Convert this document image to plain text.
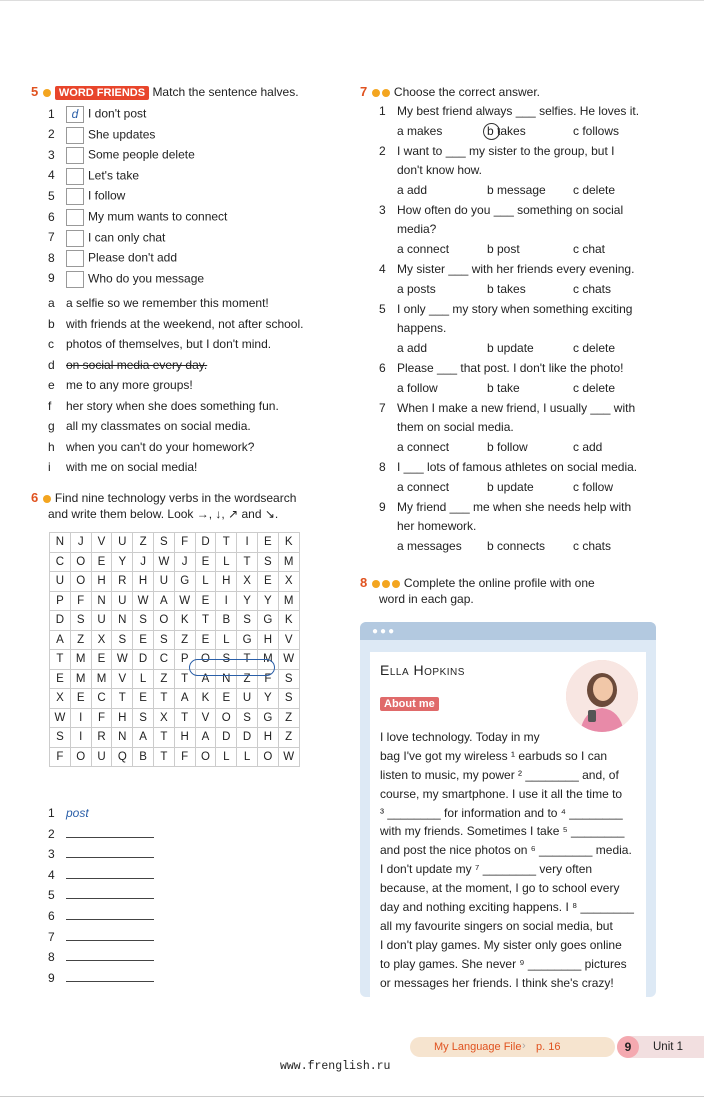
8	Complete the online profile with one
word in each gap.
●●●
Ella Hopkins
About me
I love technology. Today in my
bag I've got my wireless ¹ earbuds so I can
listen to music, my power ² ________ and, of
course, my smartphone. I use it all the time to
³ ________ for information and to ⁴ ________
with my friends. Sometimes I take ⁵ ________
and post the nice photos on ⁶ ________ media.
I don't update my ⁷ ________ very often
because, at the moment, I go to school every
day and nothing exciting happens. I ⁸ ________
all my favourite singers on social media, but
I don't play games. My sister only goes online
to play games. She never ⁹ ________ pictures
or messages her friends. I think she's crazy!
My Language File › p. 16	9	Unit 1
www.frenglish.ru
5 WORD FRIENDS Match the sentence halves.
1 d I don't post
2	She updates
3	Some people delete
4	Let's take
5	I follow
6	My mum wants to connect
7	I can only chat
8	Please don't add
9	Who do you message
a a selfie so we remember this moment!
b with friends at the weekend, not after school.
c photos of themselves, but I don't mind.
d on social media every day.
e me to any more groups!
f her story when she does something fun.
g all my classmates on social media.
h when you can't do your homework?
i with me on social media!
6 Find nine technology verbs in the wordsearch
and write them below. Look →, ↓, ↗ and ↘.
N	J	V	U	Z	S	F	D	T	I	E	K
C	O	E	Y	J	W	J	E	L	T	S	M
U	O	H	R	H	U	G	L	H	X	E	X
P	F	N	U	W	A	W	E	I	Y	Y	M
D	S	U	N	S	O	K	T	B	S	G	K
A	Z	X	S	E	S	Z	E	L	G	H	V
T	M	E	W	D	C	P	O	S	T	M	W
E	M	M	V	L	Z	T	A	N	Z	F	S
X	E	C	T	E	T	A	K	E	U	Y	S
W	I	F	H	S	X	T	V	O	S	G	Z
S	I	R	N	A	T	H	A	D	D	H	Z
F	O	U	Q	B	T	F	O	L	L	O	W
1 post
2
3
4
5
6
7
8
9
7 Choose the correct answer.
1 My best friend always ___ selfies. He loves it.
a makes	b takes	c follows
2 I want to ___ my sister to the group, but I
don't know how.
a add	b message c delete
3 How often do you ___ something on social
media?
a connect	b post	c chat
4 My sister ___ with her friends every evening.
a posts	b takes	c chats
5 I only ___ my story when something exciting
happens.
a add	b update	c delete
6 Please ___ that post. I don't like the photo!
a follow	b take	c delete
7 When I make a new friend, I usually ___ with
them on social media.
a connect	b follow	c add
8 I ___ lots of famous athletes on social media.
a connect	b update	c follow
9 My friend ___ me when she needs help with
her homework.
a messages b connects c chats
